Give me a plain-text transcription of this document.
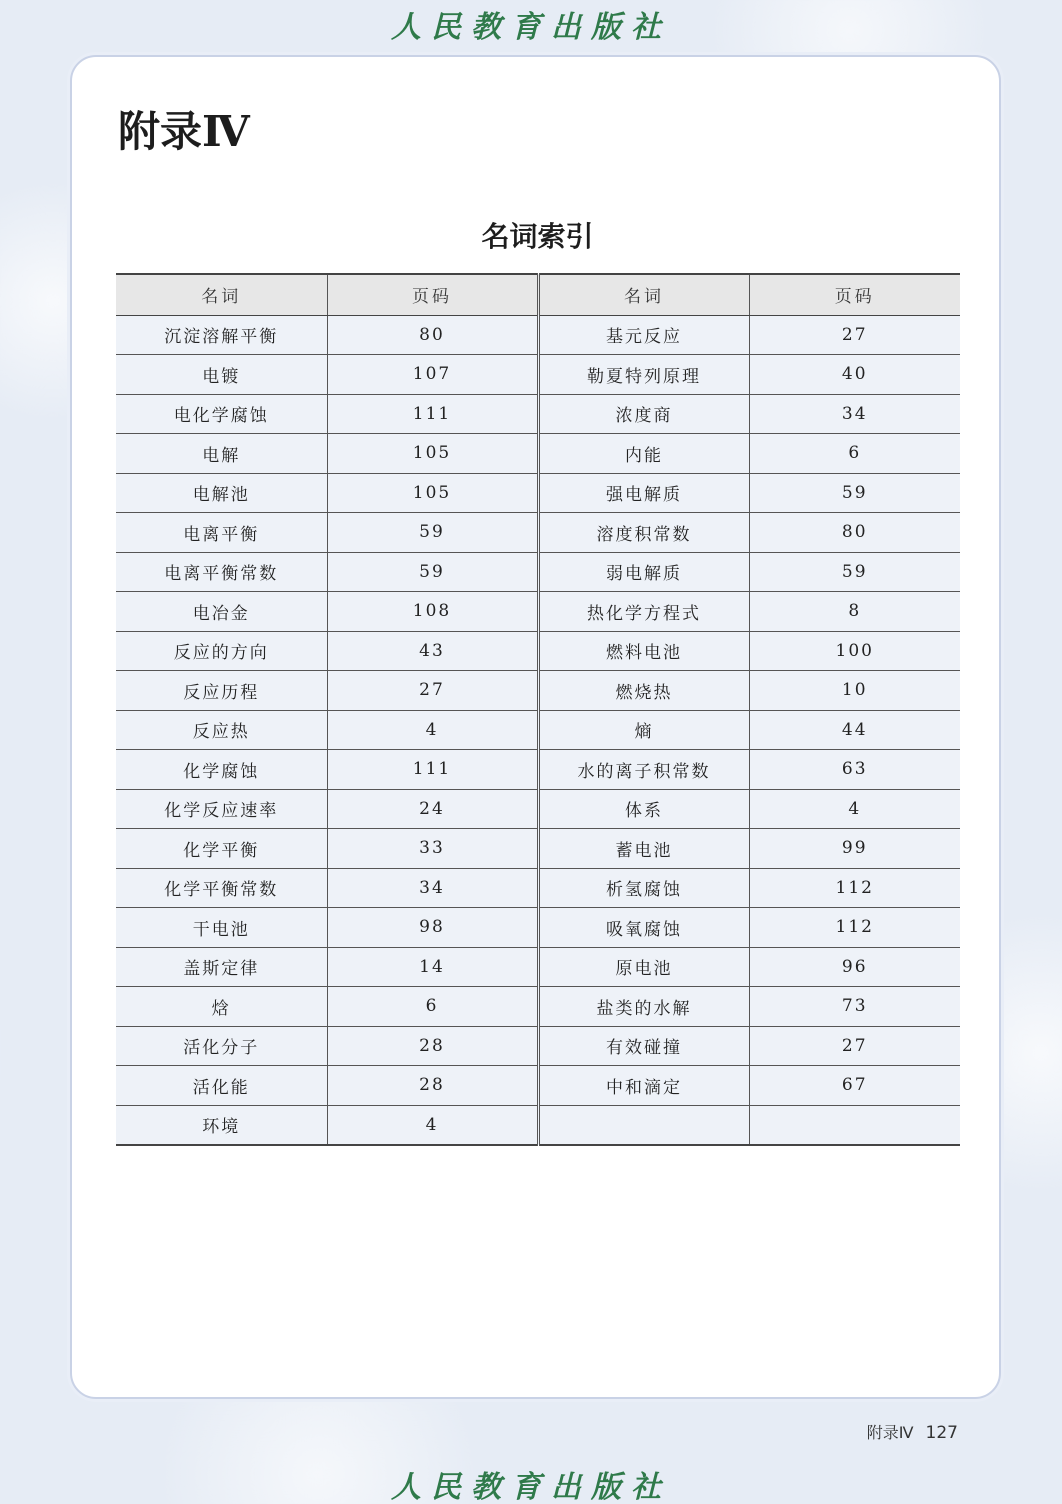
人民教育出版社
附录Ⅳ
名词索引
名词	页码	名词	页码
沉淀溶解平衡	80	基元反应	27
电镀	107	勒夏特列原理	40
电化学腐蚀	111	浓度商	34
电解	105	内能	6
电解池	105	强电解质	59
电离平衡	59	溶度积常数	80
电离平衡常数	59	弱电解质	59
电冶金	108	热化学方程式	8
反应的方向	43	燃料电池	100
反应历程	27	燃烧热	10
反应热	4	熵	44
化学腐蚀	111	水的离子积常数	63
化学反应速率	24	体系	4
化学平衡	33	蓄电池	99
化学平衡常数	34	析氢腐蚀	112
干电池	98	吸氧腐蚀	112
盖斯定律	14	原电池	96
焓	6	盐类的水解	73
活化分子	28	有效碰撞	27
活化能	28	中和滴定	67
环境	4		
附录Ⅳ 127
人民教育出版社
